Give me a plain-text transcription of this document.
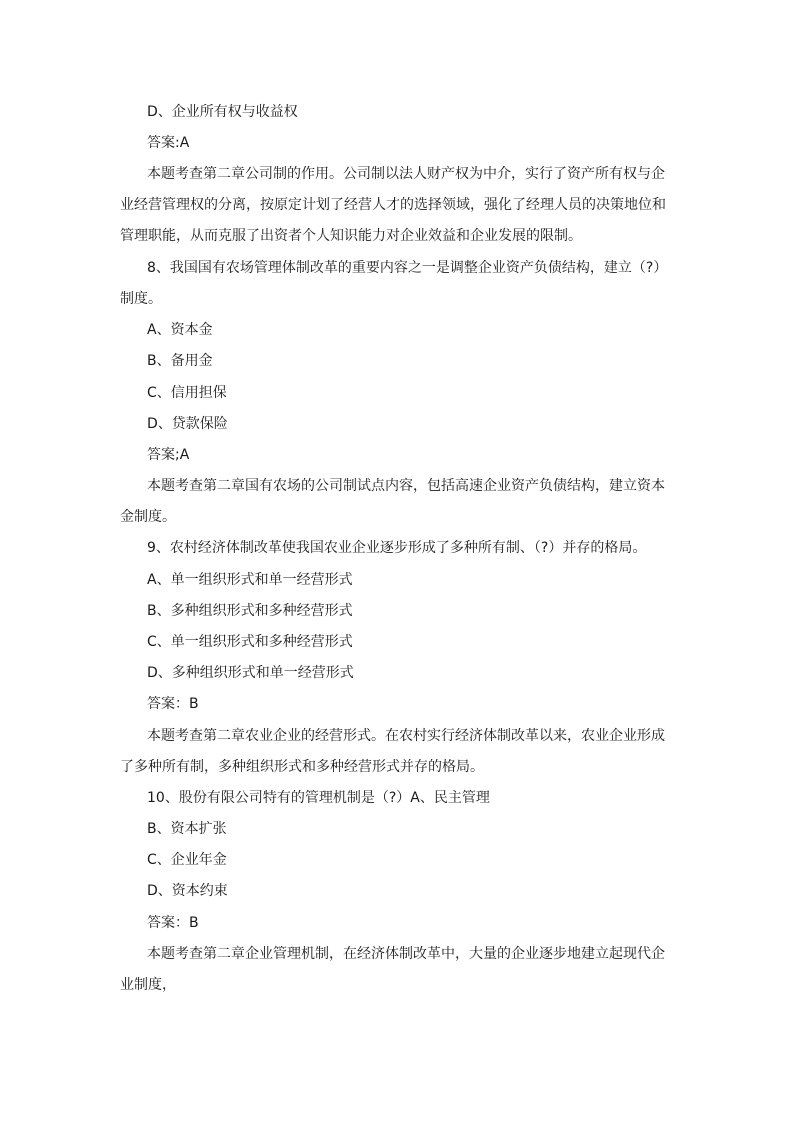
D、企业所有权与收益权
答案:A
本题考查第二章公司制的作用。公司制以法人财产权为中介，实行了资产所有权与企
业经营管理权的分离，按原定计划了经营人才的选择领域，强化了经理人员的决策地位和
管理职能，从而克服了出资者个人知识能力对企业效益和企业发展的限制。
8、我国国有农场管理体制改革的重要内容之一是调整企业资产负债结构，建立（?）
制度。
A、资本金
B、备用金
C、信用担保
D、贷款保险
答案;A
本题考查第二章国有农场的公司制试点内容，包括高速企业资产负债结构，建立资本
金制度。
9、农村经济体制改革使我国农业企业逐步形成了多种所有制、（?）并存的格局。
A、单一组织形式和单一经营形式
B、多种组织形式和多种经营形式
C、单一组织形式和多种经营形式
D、多种组织形式和单一经营形式
答案：B
本题考查第二章农业企业的经营形式。在农村实行经济体制改革以来，农业企业形成
了多种所有制，多种组织形式和多种经营形式并存的格局。
10、股份有限公司特有的管理机制是（?）A、民主管理
B、资本扩张
C、企业年金
D、资本约束
答案：B
本题考查第二章企业管理机制，在经济体制改革中，大量的企业逐步地建立起现代企
业制度，
